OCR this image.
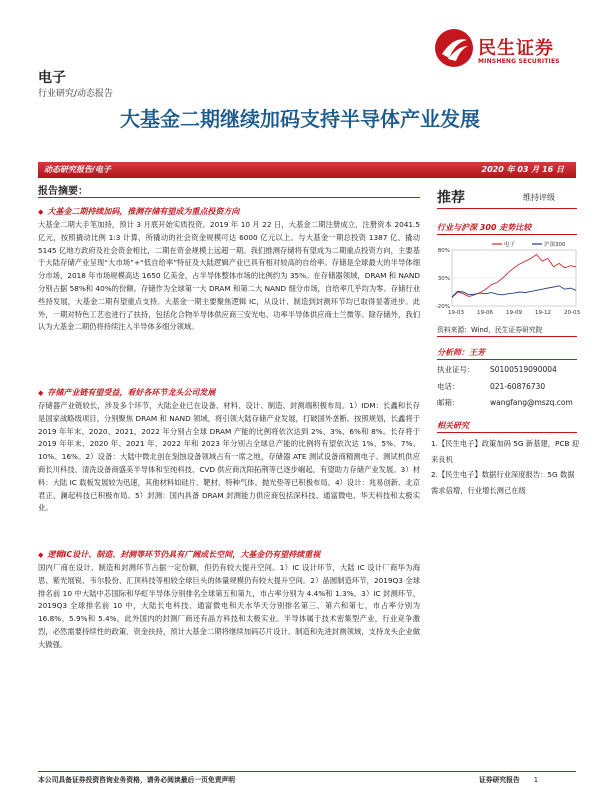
民生证券
MINSHENG SECURITIES
电子
行业研究/动态报告
大基金二期继续加码支持半导体产业发展
动态研究报告/电子	2020 年 03 月 16 日
报告摘要：
◆ 大基金二期持续加码，推测存储有望成为重点投资方向

大基金二期大手笔加持，预计 3 月底开始实质投资。2019 年 10 月 22 日，大基金二期注册成立，注册资本 2041.5 亿元，按照撬动比例 1:3 计算，所撬动的社会资金规模可达 6000 亿元以上。与大基金一期总投资 1387 亿、撬动 5145 亿地方政府及社会资金相比，二期在资金规模上远超一期。我们推测存储将有望成为二期重点投资方向，主要基于大陆存储产业呈现“大市场”+“低自给率”特征及大陆逻辑产业已具有相对较高的自给率。存储是全球最大的半导体细分市场，2018 年市场规模高达 1650 亿美金，占半导体整体市场的比例约为 35%。在存储器领域，DRAM 和 NAND 分别占据 58%和 40%的份额。存储作为全球第一大 DRAM 和第二大 NAND 细分市场，自给率几乎均为零。存储行业些持发展，大基金二期有望重点支持。大基金一期主要聚焦逻辑 IC，从设计、制造到封测环节均已取得显著进步。此外，一期对特色工艺也进行了扶持，包括化合物半导体供应商三安光电、功率半导体供应商士兰微等。除存储外，我们认为大基金二期仍将持续注入半导体多细分领域。

◆ 存储产业链有望受益，看好各环节龙头公司发展

存储器产业链较长，涉及多个环节，大陆企业已在设备、材料、设计、制造、封测端积极布局。1）IDM：长鑫和长存是国家战略级项目，分别聚焦 DRAM 和 NAND 领域，将引领大陆存储产业发展，打破国外垄断。按照规划，长鑫将于 2019 年年末、2020、2021、2022 年分别占全球 DRAM 产能的比例将依次达到 2%、3%、6%和 8%。长存将于 2019 年年末、2020 年、2021 年、2022 年和 2023 年分别占全球总产能的比例将有望依次达 1%、5%、7%、10%、16%。2）设备：大陆中微北创在刻蚀设备领域占有一席之地，存储器 ATE 测试设备商精测电子、测试机供应商长川科技、清洗设备商盛美半导体和至纯科技、CVD 供应商沈阳拓荆等已逐步崛起，有望助力存储产业发展。3）材料：大陆 IC 载板发展较为迅速，其他材料如硅片、靶材、特种气体、抛光垫等已积极布局。4）设计：兆易创新、北京君正、澜起科技已积极布局。5）封测：国内具备 DRAM 封测能力供应商包括深科技、通富微电、华天科技和太极实业。

◆ 逻辑IC设计、制造、封测等环节仍具有广阔成长空间，大基金仍有望持续重视

国内厂商在设计、制造和封测环节占据一定份额，但仍有较大提升空间。1）IC 设计环节，大陆 IC 设计厂商华为海思、紫光展锐、韦尔股份、汇顶科技等相较全球巨头的体量规模仍有较大提升空间。2）晶圆制造环节，2019Q3 全球排名前 10 中大陆中芯国际和华虹半导体分别排名全球第五和第九，市占率分别为 4.4%和 1.3%。3）IC 封测环节，2019Q3 全球排名前 10 中，大陆长电科技、通富微电和天水华天分别排名第三、第六和第七，市占率分别为 16.8%、5.9%和 5.4%，此外国内的封测厂商还有晶方科技和太极实业。半导体属于技术密集型产业，行业竞争激烈，必然需要持续性的政策、资金扶持，预计大基金二期将继续加码芯片设计、制造和先进封测领域，支持龙头企业做大做强。

推荐	维持评级
行业与沪深 300 走势比较
-20%
30%
80%
19-03 19-06 19-09 19-12 20-03
电子	沪深300
资料来源：Wind，民生证券研究院
分析师：王芳
执业证号： S0100519090004
电话：	021-60876730
邮箱：	wangfang@mszq.com
相关研究
1.【民生电子】政策加码 5G 新基建，PCB 迎来良机
2.【民生电子】数据行业深度报告：5G 数据需求倍增，行业增长测己在级
本公司具备证券投资咨询业务资格，请务必阅读最后一页免责声明	证券研究报告 1
